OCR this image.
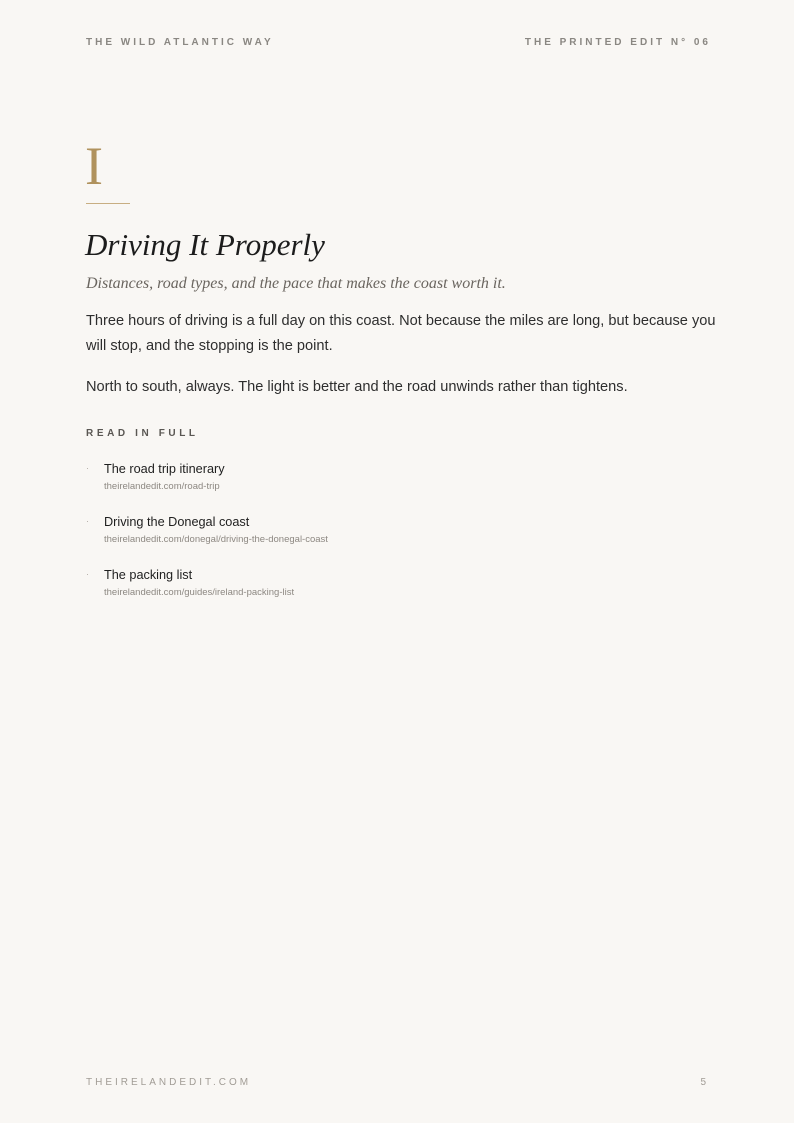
THE WILD ATLANTIC WAY	THE PRINTED EDIT N° 06
I
Driving It Properly

Distances, road types, and the pace that makes the coast worth it.

Three hours of driving is a full day on this coast. Not because the miles are long, but because you will stop, and the stopping is the point.

North to south, always. The light is better and the road unwinds rather than tightens.

READ IN FULL
· The road trip itinerary
theirelandedit.com/road-trip
· Driving the Donegal coast
theirelandedit.com/donegal/driving-the-donegal-coast
· The packing list
theirelandedit.com/guides/ireland-packing-list
THEIRELANDEDIT.COM	5
